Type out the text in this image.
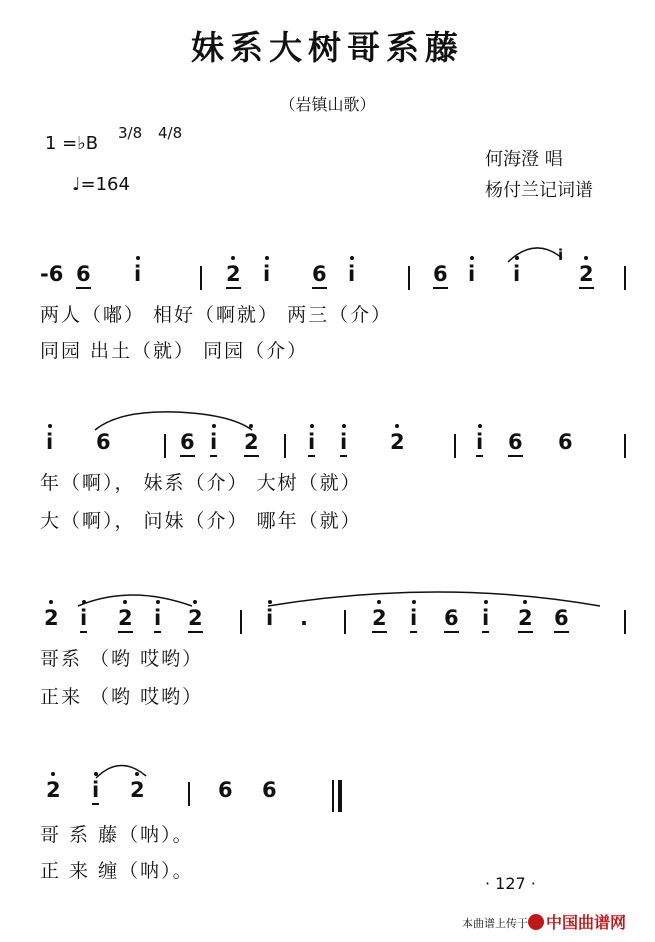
妹系大树哥系藤
（岩镇山歌）
1 =♭B 3/8 4/8
♩=164
何海澄 唱
杨付兰记词谱
-6 6 i	2 i 6 i	6 i i
i
2
两人（嘟） 相好（啊就） 两三（介）
同园 出土（就） 同园（介）
i 6	6 i 2 i i 2	i 6 6
年（啊）， 妹系（介） 大树（就）
大（啊）， 问妹（介） 哪年（就）
2 i 2 i 2	i .	2 i 6 i 2 6
哥系 （哟 哎哟）
正来 （哟 哎哟）
2 i 2	6 6
哥 系 藤（呐）。
正 来 缠（呐）。
· 127 ·
本曲谱上传于	中国曲谱网
